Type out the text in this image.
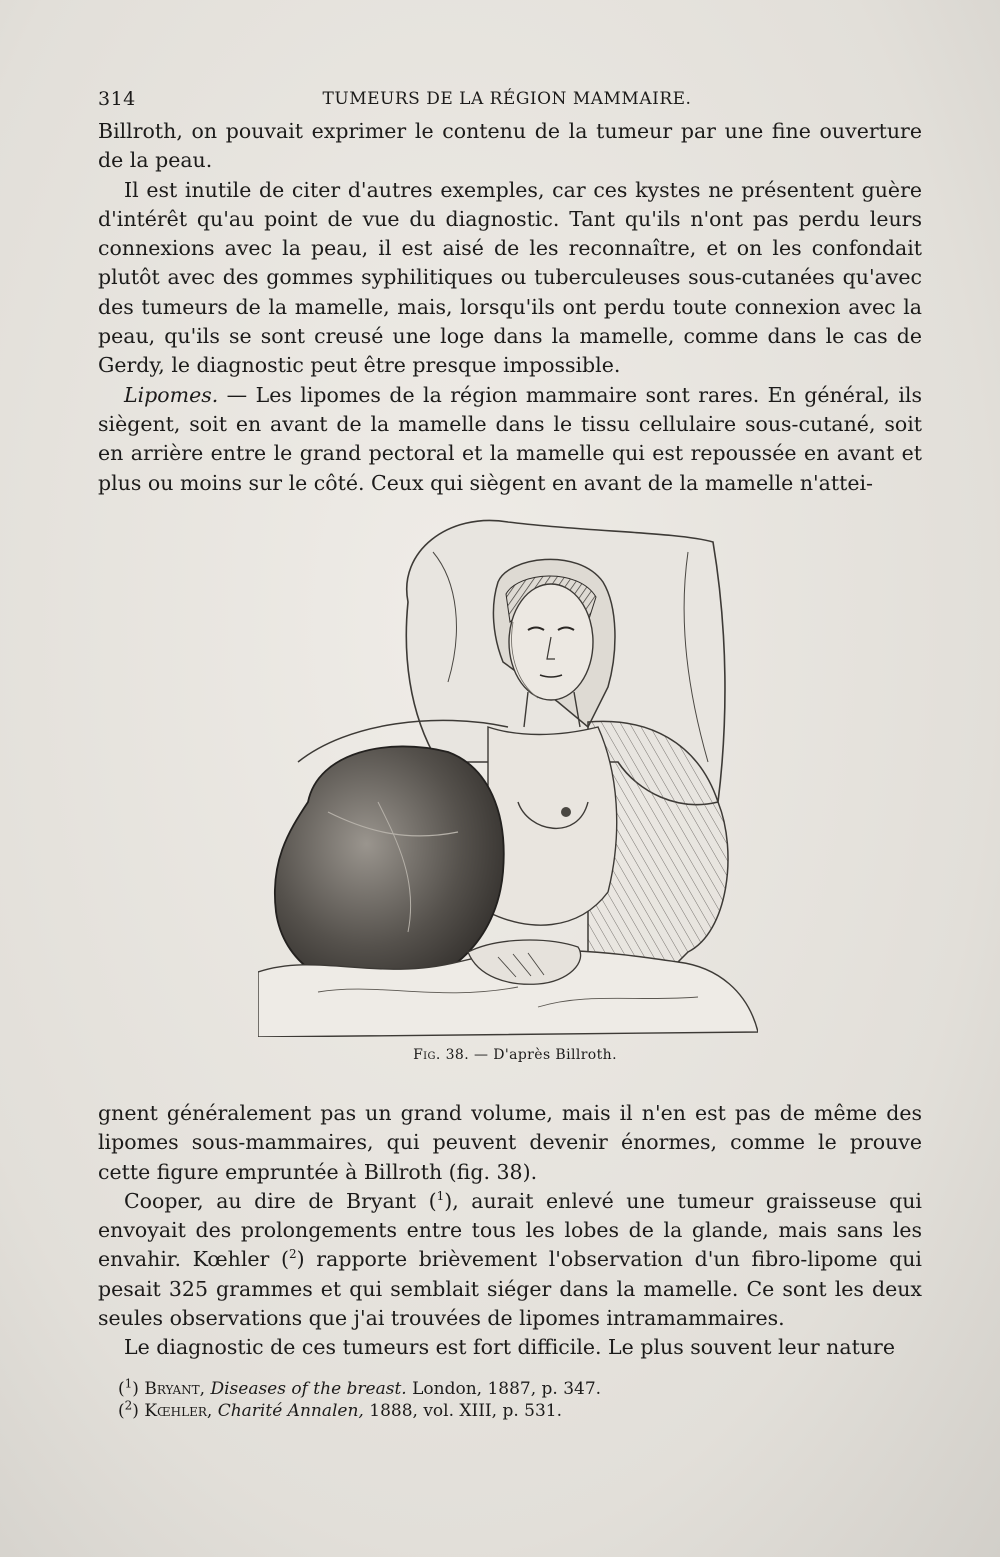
314	TUMEURS DE LA RÉGION MAMMAIRE.

Billroth, on pouvait exprimer le contenu de la tumeur par une fine ouverture de la peau.

Il est inutile de citer d'autres exemples, car ces kystes ne présentent guère d'intérêt qu'au point de vue du diagnostic. Tant qu'ils n'ont pas perdu leurs connexions avec la peau, il est aisé de les reconnaître, et on les confondait plutôt avec des gommes syphilitiques ou tuberculeuses sous-cutanées qu'avec des tumeurs de la mamelle, mais, lorsqu'ils ont perdu toute connexion avec la peau, qu'ils se sont creusé une loge dans la mamelle, comme dans le cas de Gerdy, le diagnostic peut être presque impossible.

Lipomes. — Les lipomes de la région mammaire sont rares. En général, ils siègent, soit en avant de la mamelle dans le tissu cellulaire sous-cutané, soit en arrière entre le grand pectoral et la mamelle qui est repoussée en avant et plus ou moins sur le côté. Ceux qui siègent en avant de la mamelle n'attei-

Fig. 38. — D'après Billroth.

gnent généralement pas un grand volume, mais il n'en est pas de même des lipomes sous-mammaires, qui peuvent devenir énormes, comme le prouve cette figure empruntée à Billroth (fig. 38).

Cooper, au dire de Bryant ($^1$), aurait enlevé une tumeur graisseuse qui envoyait des prolongements entre tous les lobes de la glande, mais sans les envahir. Kœhler ($^2$) rapporte brièvement l'observation d'un fibro-lipome qui pesait 325 grammes et qui semblait siéger dans la mamelle. Ce sont les deux seules observations que j'ai trouvées de lipomes intramammaires.

Le diagnostic de ces tumeurs est fort difficile. Le plus souvent leur nature

($^1$) Bryant, Diseases of the breast. London, 1887, p. 347.

($^2$) Kœhler, Charité Annalen, 1888, vol. XIII, p. 531.
